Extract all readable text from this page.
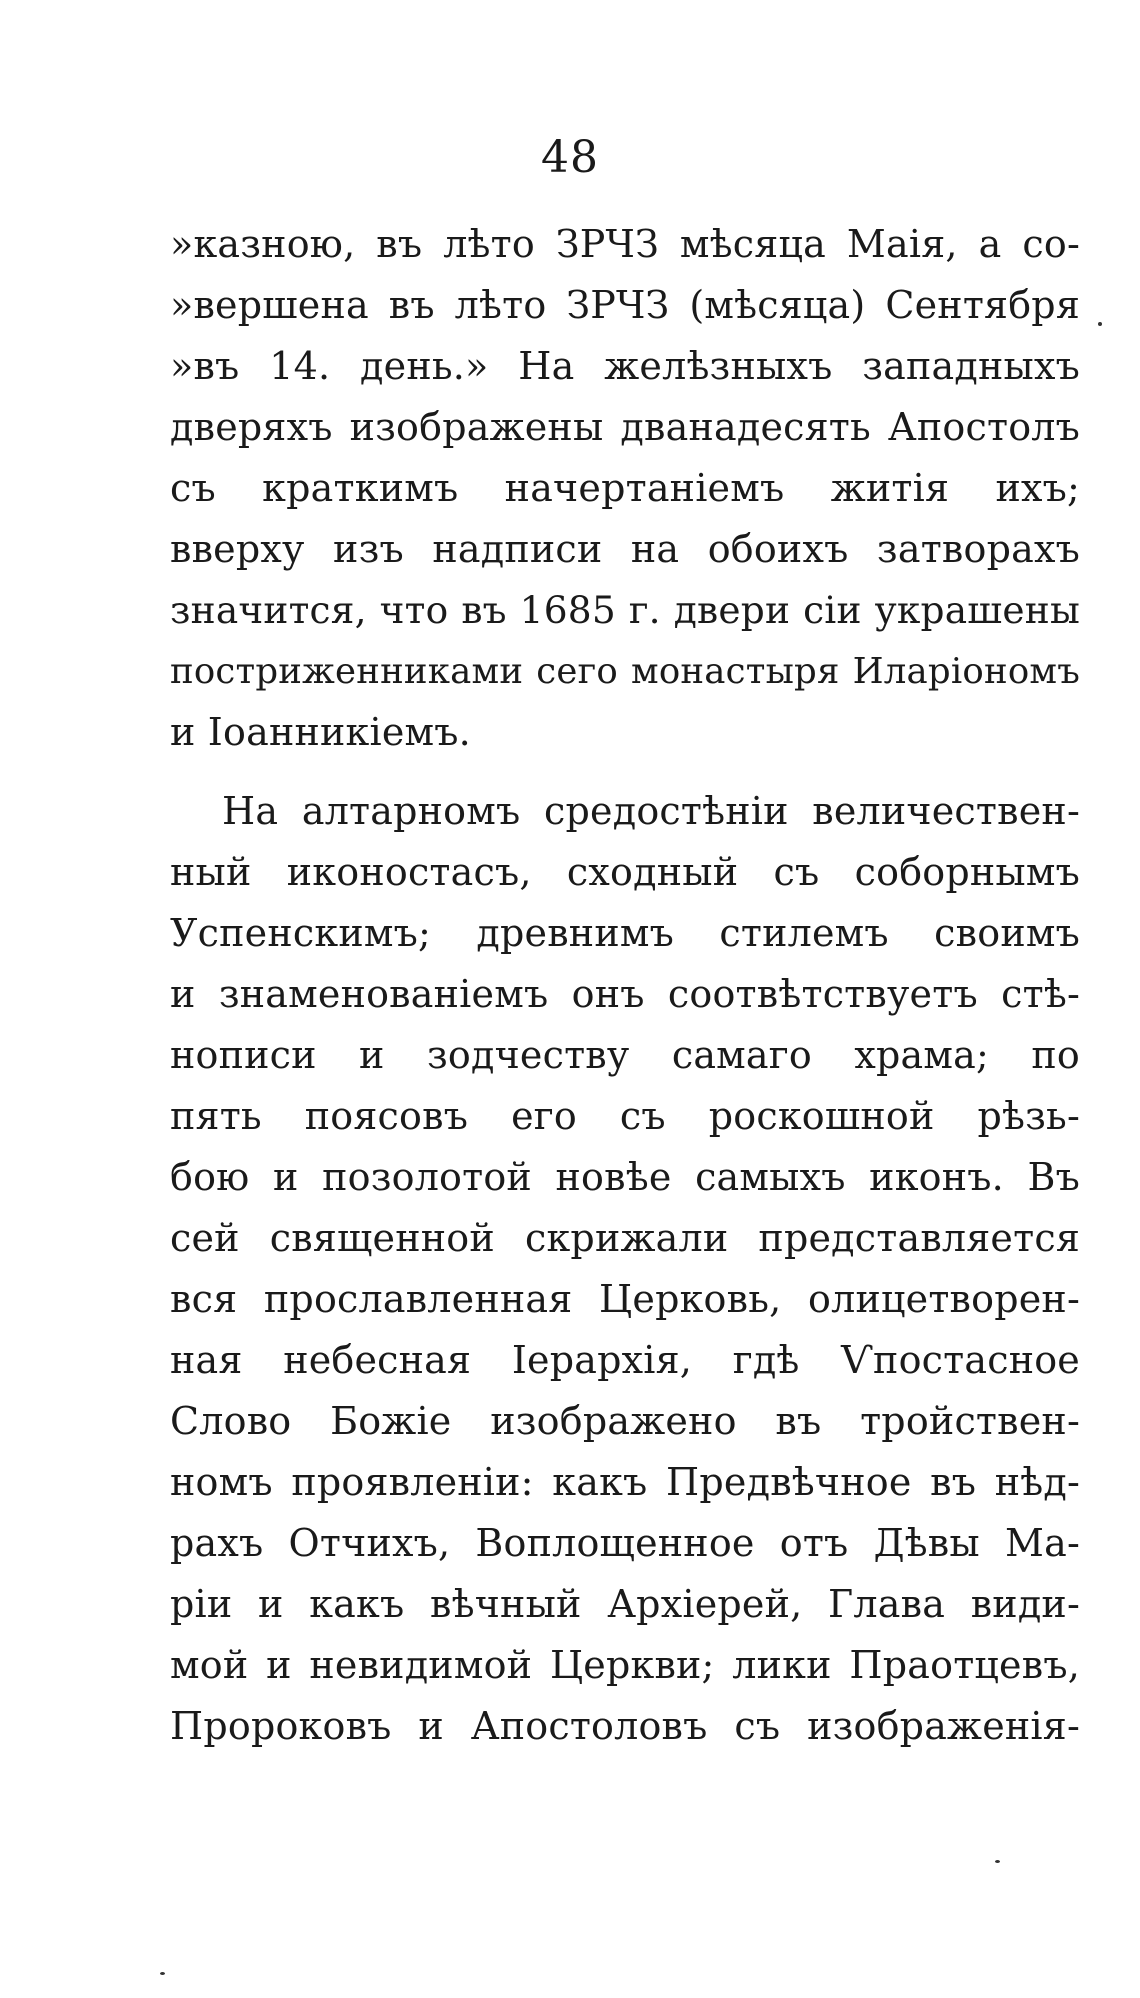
48

»казною, въ лѣто ЗРЧЗ мѣсяца Маія, а со-
»вершена въ лѣто ЗРЧЗ (мѣсяца) Сентября
»въ 14. день.» На желѣзныхъ западныхъ
дверяхъ изображены дванадесять Апостолъ
съ краткимъ начертаніемъ житія ихъ;
вверху изъ надписи на обоихъ затворахъ
значится, что въ 1685 г. двери сіи украшены
постриженниками сего монастыря Иларіономъ
и Іоанникіемъ.

На алтарномъ средостѣніи величествен-
ный иконостасъ, сходный съ соборнымъ
Успенскимъ; древнимъ стилемъ своимъ
и знаменованіемъ онъ соотвѣтствуетъ стѣ-
нописи и зодчеству самаго храма; по
пять поясовъ его съ роскошной рѣзь-
бою и позолотой новѣе самыхъ иконъ. Въ
сей священной скрижали представляется
вся прославленная Церковь, олицетворен-
ная небесная Іерархія, гдѣ Ѵпостасное
Слово Божіе изображено въ тройствен-
номъ проявленіи: какъ Предвѣчное въ нѣд-
рахъ Отчихъ, Воплощенное отъ Дѣвы Ма-
ріи и какъ вѣчный Архіерей, Глава види-
мой и невидимой Церкви; лики Праотцевъ,
Пророковъ и Апостоловъ съ изображенія-
